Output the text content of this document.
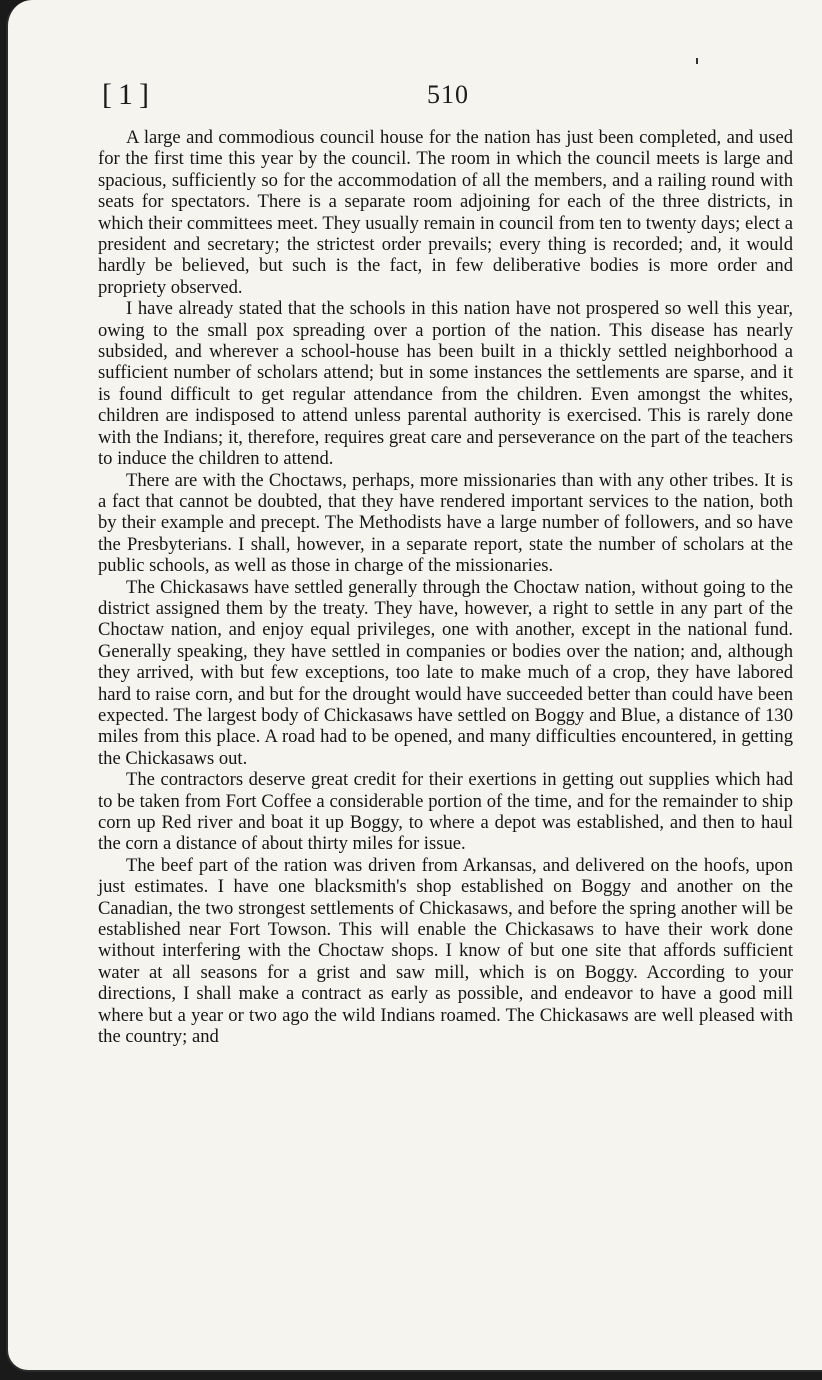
[1]	510

A large and commodious council house for the nation has just been completed, and used for the first time this year by the council. The room in which the council meets is large and spacious, sufficiently so for the accommodation of all the members, and a railing round with seats for spectators. There is a separate room adjoining for each of the three districts, in which their committees meet. They usually remain in council from ten to twenty days; elect a president and secretary; the strictest order prevails; every thing is recorded; and, it would hardly be believed, but such is the fact, in few deliberative bodies is more order and propriety observed.

I have already stated that the schools in this nation have not prospered so well this year, owing to the small pox spreading over a portion of the nation. This disease has nearly subsided, and wherever a school-house has been built in a thickly settled neighborhood a sufficient number of scholars attend; but in some instances the settlements are sparse, and it is found difficult to get regular attendance from the children. Even amongst the whites, children are indisposed to attend unless parental authority is exercised. This is rarely done with the Indians; it, therefore, requires great care and perseverance on the part of the teachers to induce the children to attend.

There are with the Choctaws, perhaps, more missionaries than with any other tribes. It is a fact that cannot be doubted, that they have rendered important services to the nation, both by their example and precept. The Methodists have a large number of followers, and so have the Presbyterians. I shall, however, in a separate report, state the number of scholars at the public schools, as well as those in charge of the missionaries.

The Chickasaws have settled generally through the Choctaw nation, without going to the district assigned them by the treaty. They have, however, a right to settle in any part of the Choctaw nation, and enjoy equal privileges, one with another, except in the national fund. Generally speaking, they have settled in companies or bodies over the nation; and, although they arrived, with but few exceptions, too late to make much of a crop, they have labored hard to raise corn, and but for the drought would have succeeded better than could have been expected. The largest body of Chickasaws have settled on Boggy and Blue, a distance of 130 miles from this place. A road had to be opened, and many difficulties encountered, in getting the Chickasaws out.

The contractors deserve great credit for their exertions in getting out supplies which had to be taken from Fort Coffee a considerable portion of the time, and for the remainder to ship corn up Red river and boat it up Boggy, to where a depot was established, and then to haul the corn a distance of about thirty miles for issue.

The beef part of the ration was driven from Arkansas, and delivered on the hoofs, upon just estimates. I have one blacksmith's shop established on Boggy and another on the Canadian, the two strongest settlements of Chickasaws, and before the spring another will be established near Fort Towson. This will enable the Chickasaws to have their work done without interfering with the Choctaw shops. I know of but one site that affords sufficient water at all seasons for a grist and saw mill, which is on Boggy. According to your directions, I shall make a contract as early as possible, and endeavor to have a good mill where but a year or two ago the wild Indians roamed. The Chickasaws are well pleased with the country; and
